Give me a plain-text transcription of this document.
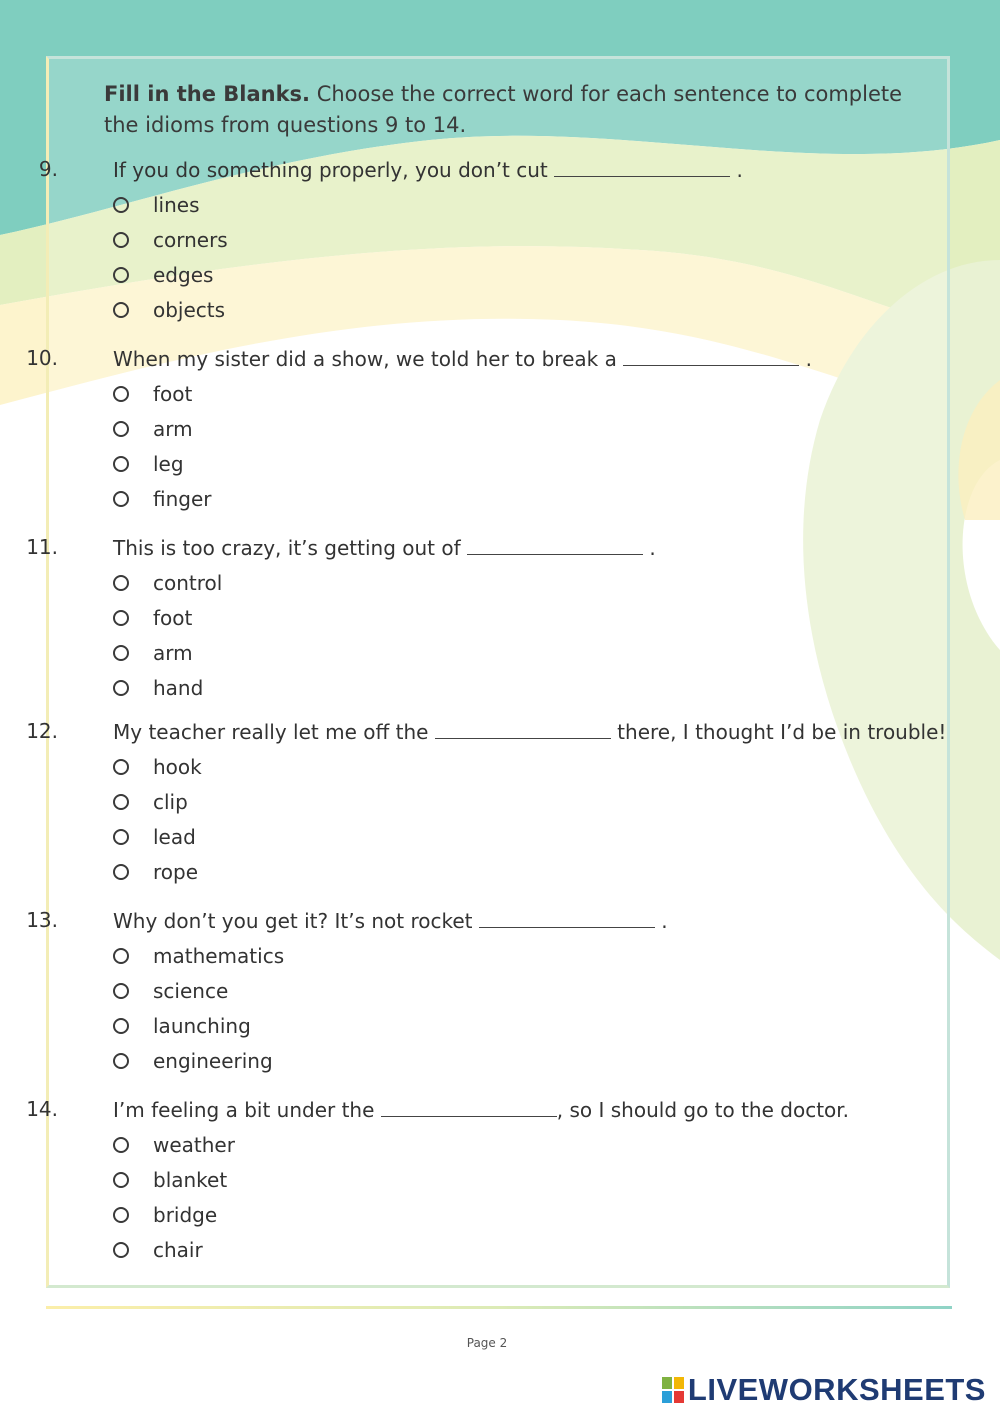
Fill in the Blanks. Choose the correct word for each sentence to complete the idioms from questions 9 to 14.
9.	If you do something properly, you don’t cut	.
lines
corners
edges
objects
10.	When my sister did a show, we told her to break a	.
foot
arm
leg
finger
11.	This is too crazy, it’s getting out of	.
control
foot
arm
hand
12.	My teacher really let me off the	there, I thought I’d be in trouble!
hook
clip
lead
rope
13.	Why don’t you get it? It’s not rocket	.
mathematics
science
launching
engineering
14.	I’m feeling a bit under the	, so I should go to the doctor.
weather
blanket
bridge
chair
Page 2
LIVEWORKSHEETS
